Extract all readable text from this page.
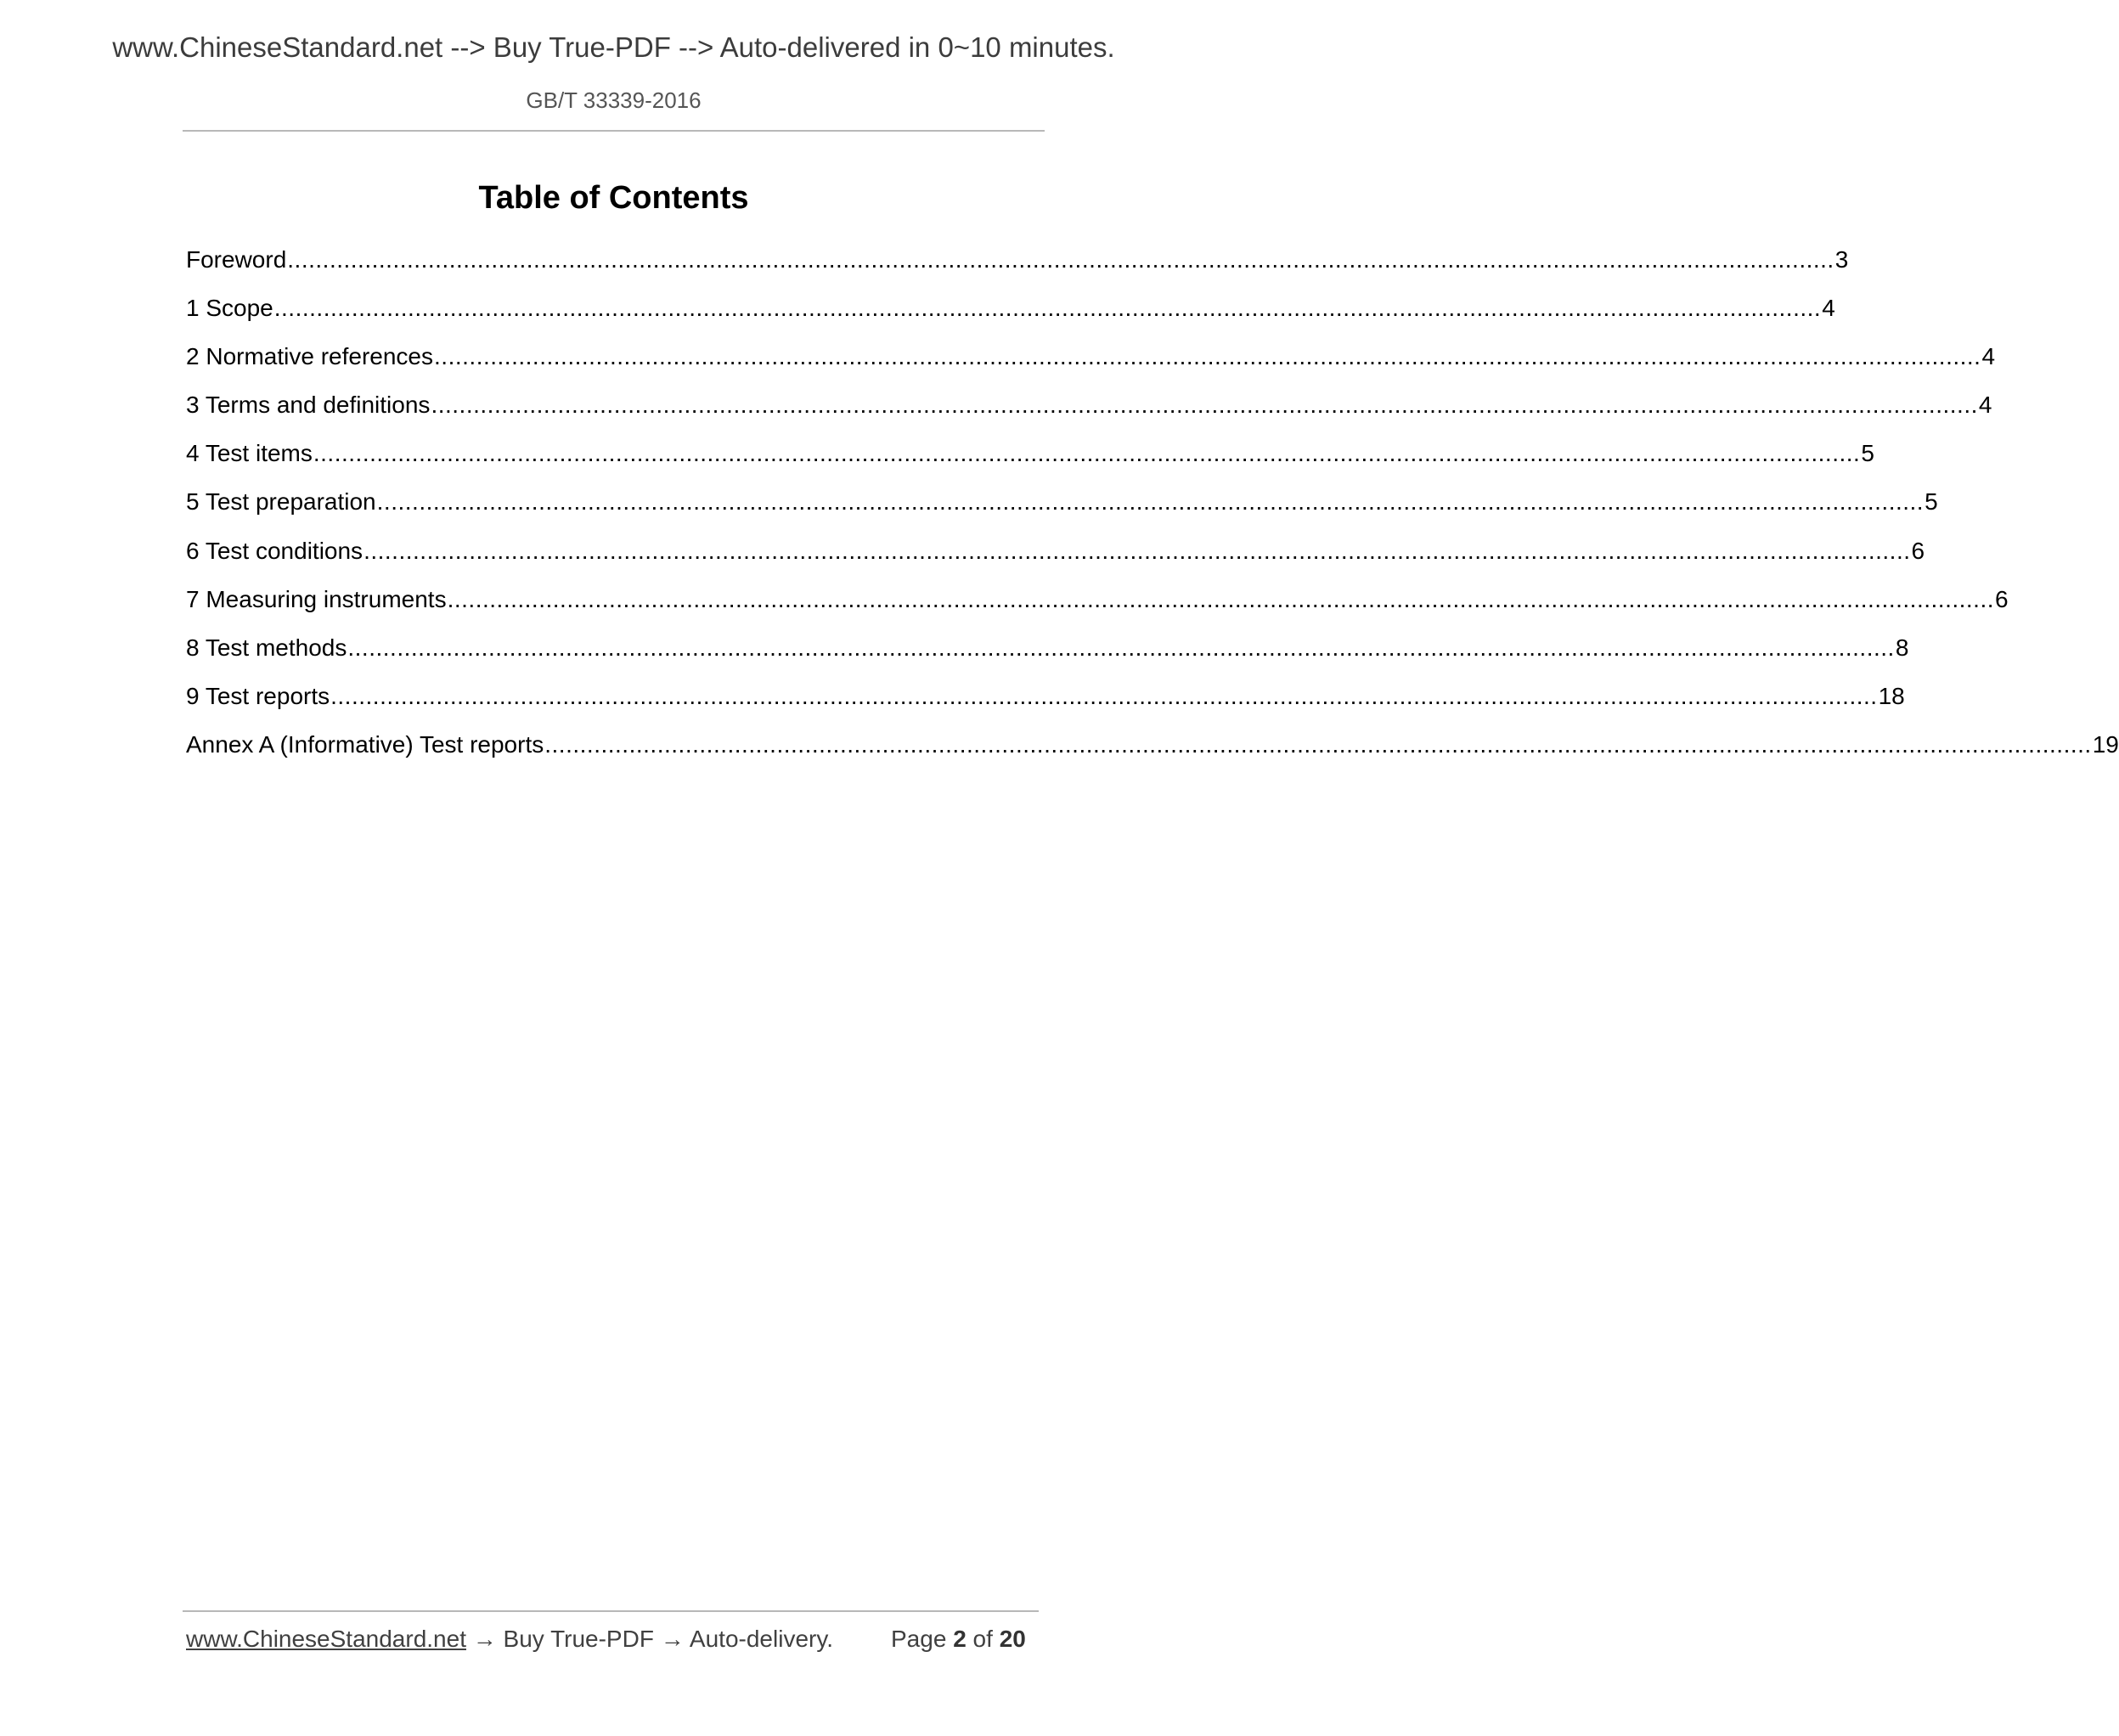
www.ChineseStandard.net --> Buy True-PDF --> Auto-delivered in 0~10 minutes.
GB/T 33339-2016
Table of Contents
Foreword ............................................................................................................................................................................................................................ 3
1 Scope ............................................................................................................................................................................................................................ 4
2 Normative references ............................................................................................................................................................................................................................ 4
3 Terms and definitions ............................................................................................................................................................................................................................ 4
4 Test items ............................................................................................................................................................................................................................ 5
5 Test preparation ............................................................................................................................................................................................................................ 5
6 Test conditions ............................................................................................................................................................................................................................ 6
7 Measuring instruments ............................................................................................................................................................................................................................ 6
8 Test methods ............................................................................................................................................................................................................................ 8
9 Test reports ............................................................................................................................................................................................................................ 18
Annex A (Informative) Test reports ............................................................................................................................................................................................................................ 19
www.ChineseStandard.net → Buy True-PDF → Auto-delivery. Page 2 of 20
